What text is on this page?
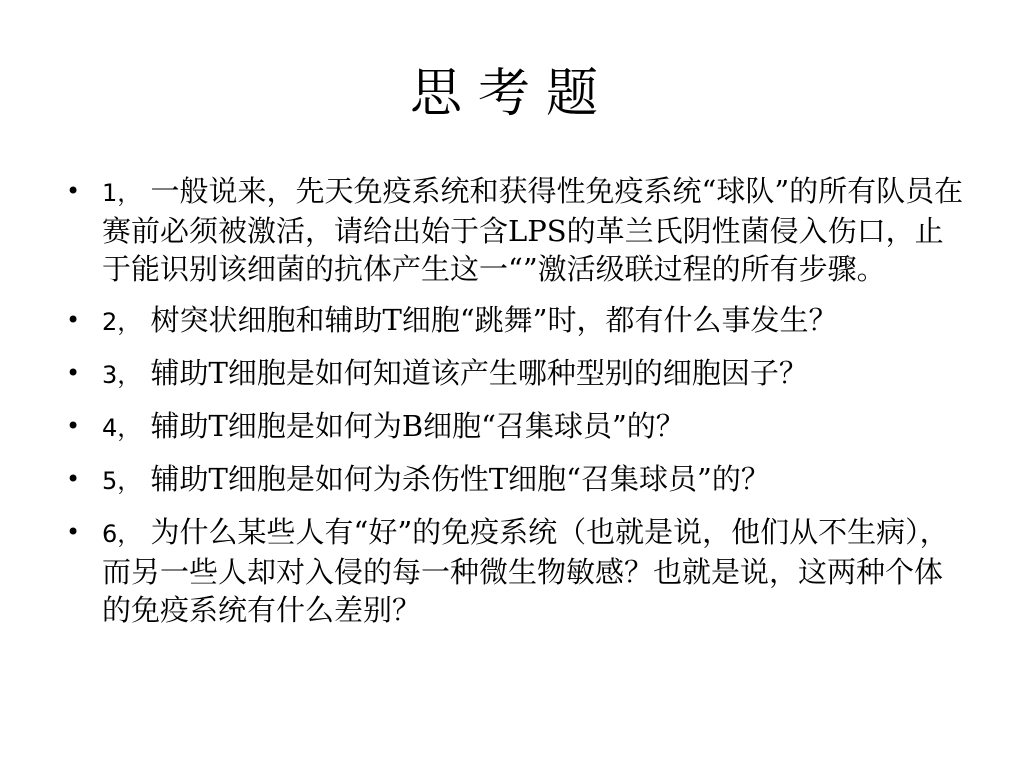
思考题
• 1， 一般说来，先天免疫系统和获得性免疫系统“球队”的所有队员在赛前必须被激活，请给出始于含LPS的革兰氏阴性菌侵入伤口，止于能识别该细菌的抗体产生这一“”激活级联过程的所有步骤。
• 2， 树突状细胞和辅助T细胞“跳舞”时，都有什么事发生？
• 3， 辅助T细胞是如何知道该产生哪种型别的细胞因子？
• 4， 辅助T细胞是如何为B细胞“召集球员”的？
• 5， 辅助T细胞是如何为杀伤性T细胞“召集球员”的？
• 6， 为什么某些人有“好”的免疫系统（也就是说，他们从不生病），而另一些人却对入侵的每一种微生物敏感？也就是说，这两种个体的免疫系统有什么差别？
